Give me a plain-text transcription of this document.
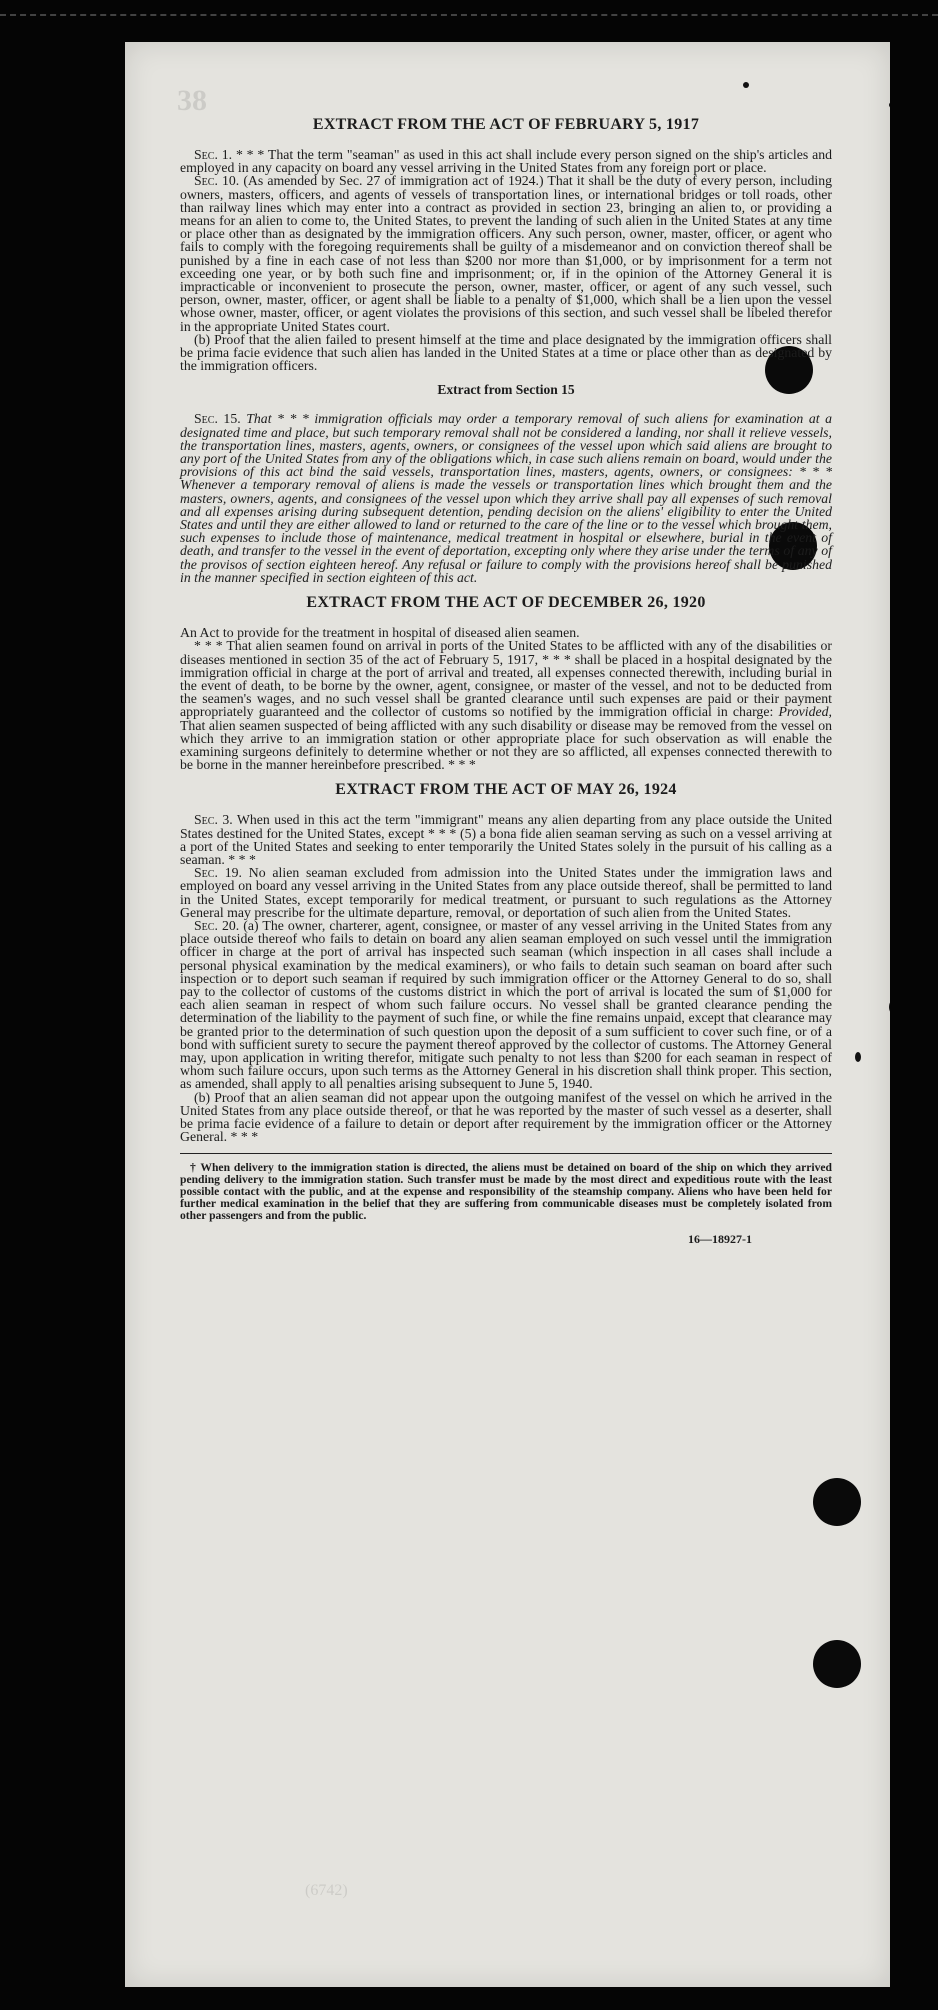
38
EXTRACT FROM THE ACT OF FEBRUARY 5, 1917

Sec. 1. * * * That the term "seaman" as used in this act shall include every person signed on the ship's articles and employed in any capacity on board any vessel arriving in the United States from any foreign port or place.

Sec. 10. (As amended by Sec. 27 of immigration act of 1924.) That it shall be the duty of every person, including owners, masters, officers, and agents of vessels of transportation lines, or international bridges or toll roads, other than railway lines which may enter into a contract as provided in section 23, bringing an alien to, or providing a means for an alien to come to, the United States, to prevent the landing of such alien in the United States at any time or place other than as designated by the immigration officers. Any such person, owner, master, officer, or agent who fails to comply with the foregoing requirements shall be guilty of a misdemeanor and on conviction thereof shall be punished by a fine in each case of not less than $200 nor more than $1,000, or by imprisonment for a term not exceeding one year, or by both such fine and imprisonment; or, if in the opinion of the Attorney General it is impracticable or inconvenient to prosecute the person, owner, master, officer, or agent of any such vessel, such person, owner, master, officer, or agent shall be liable to a penalty of $1,000, which shall be a lien upon the vessel whose owner, master, officer, or agent violates the provisions of this section, and such vessel shall be libeled therefor in the appropriate United States court.

(b) Proof that the alien failed to present himself at the time and place designated by the immigration officers shall be prima facie evidence that such alien has landed in the United States at a time or place other than as designated by the immigration officers.

Extract from Section 15

Sec. 15. That * * * immigration officials may order a temporary removal of such aliens for examination at a designated time and place, but such temporary removal shall not be considered a landing, nor shall it relieve vessels, the transportation lines, masters, agents, owners, or consignees of the vessel upon which said aliens are brought to any port of the United States from any of the obligations which, in case such aliens remain on board, would under the provisions of this act bind the said vessels, transportation lines, masters, agents, owners, or consignees: * * * Whenever a temporary removal of aliens is made the vessels or transportation lines which brought them and the masters, owners, agents, and consignees of the vessel upon which they arrive shall pay all expenses of such removal and all expenses arising during subsequent detention, pending decision on the aliens' eligibility to enter the United States and until they are either allowed to land or returned to the care of the line or to the vessel which brought them, such expenses to include those of maintenance, medical treatment in hospital or elsewhere, burial in the event of death, and transfer to the vessel in the event of deportation, excepting only where they arise under the terms of any of the provisos of section eighteen hereof. Any refusal or failure to comply with the provisions hereof shall be punished in the manner specified in section eighteen of this act.

EXTRACT FROM THE ACT OF DECEMBER 26, 1920

An Act to provide for the treatment in hospital of diseased alien seamen.

* * * That alien seamen found on arrival in ports of the United States to be afflicted with any of the disabilities or diseases mentioned in section 35 of the act of February 5, 1917, * * * shall be placed in a hospital designated by the immigration official in charge at the port of arrival and treated, all expenses connected therewith, including burial in the event of death, to be borne by the owner, agent, consignee, or master of the vessel, and not to be deducted from the seamen's wages, and no such vessel shall be granted clearance until such expenses are paid or their payment appropriately guaranteed and the collector of customs so notified by the immigration official in charge: Provided, That alien seamen suspected of being afflicted with any such disability or disease may be removed from the vessel on which they arrive to an immigration station or other appropriate place for such observation as will enable the examining surgeons definitely to determine whether or not they are so afflicted, all expenses connected therewith to be borne in the manner hereinbefore prescribed. * * *

EXTRACT FROM THE ACT OF MAY 26, 1924

Sec. 3. When used in this act the term "immigrant" means any alien departing from any place outside the United States destined for the United States, except * * * (5) a bona fide alien seaman serving as such on a vessel arriving at a port of the United States and seeking to enter temporarily the United States solely in the pursuit of his calling as a seaman. * * *

Sec. 19. No alien seaman excluded from admission into the United States under the immigration laws and employed on board any vessel arriving in the United States from any place outside thereof, shall be permitted to land in the United States, except temporarily for medical treatment, or pursuant to such regulations as the Attorney General may prescribe for the ultimate departure, removal, or deportation of such alien from the United States.

Sec. 20. (a) The owner, charterer, agent, consignee, or master of any vessel arriving in the United States from any place outside thereof who fails to detain on board any alien seaman employed on such vessel until the immigration officer in charge at the port of arrival has inspected such seaman (which inspection in all cases shall include a personal physical examination by the medical examiners), or who fails to detain such seaman on board after such inspection or to deport such seaman if required by such immigration officer or the Attorney General to do so, shall pay to the collector of customs of the customs district in which the port of arrival is located the sum of $1,000 for each alien seaman in respect of whom such failure occurs. No vessel shall be granted clearance pending the determination of the liability to the payment of such fine, or while the fine remains unpaid, except that clearance may be granted prior to the determination of such question upon the deposit of a sum sufficient to cover such fine, or of a bond with sufficient surety to secure the payment thereof approved by the collector of customs. The Attorney General may, upon application in writing therefor, mitigate such penalty to not less than $200 for each seaman in respect of whom such failure occurs, upon such terms as the Attorney General in his discretion shall think proper. This section, as amended, shall apply to all penalties arising subsequent to June 5, 1940.

(b) Proof that an alien seaman did not appear upon the outgoing manifest of the vessel on which he arrived in the United States from any place outside thereof, or that he was reported by the master of such vessel as a deserter, shall be prima facie evidence of a failure to detain or deport after requirement by the immigration officer or the Attorney General. * * *

† When delivery to the immigration station is directed, the aliens must be detained on board of the ship on which they arrived pending delivery to the immigration station. Such transfer must be made by the most direct and expeditious route with the least possible contact with the public, and at the expense and responsibility of the steamship company. Aliens who have been held for further medical examination in the belief that they are suffering from communicable diseases must be completely isolated from other passengers and from the public.

16—18927-1
(6742)
